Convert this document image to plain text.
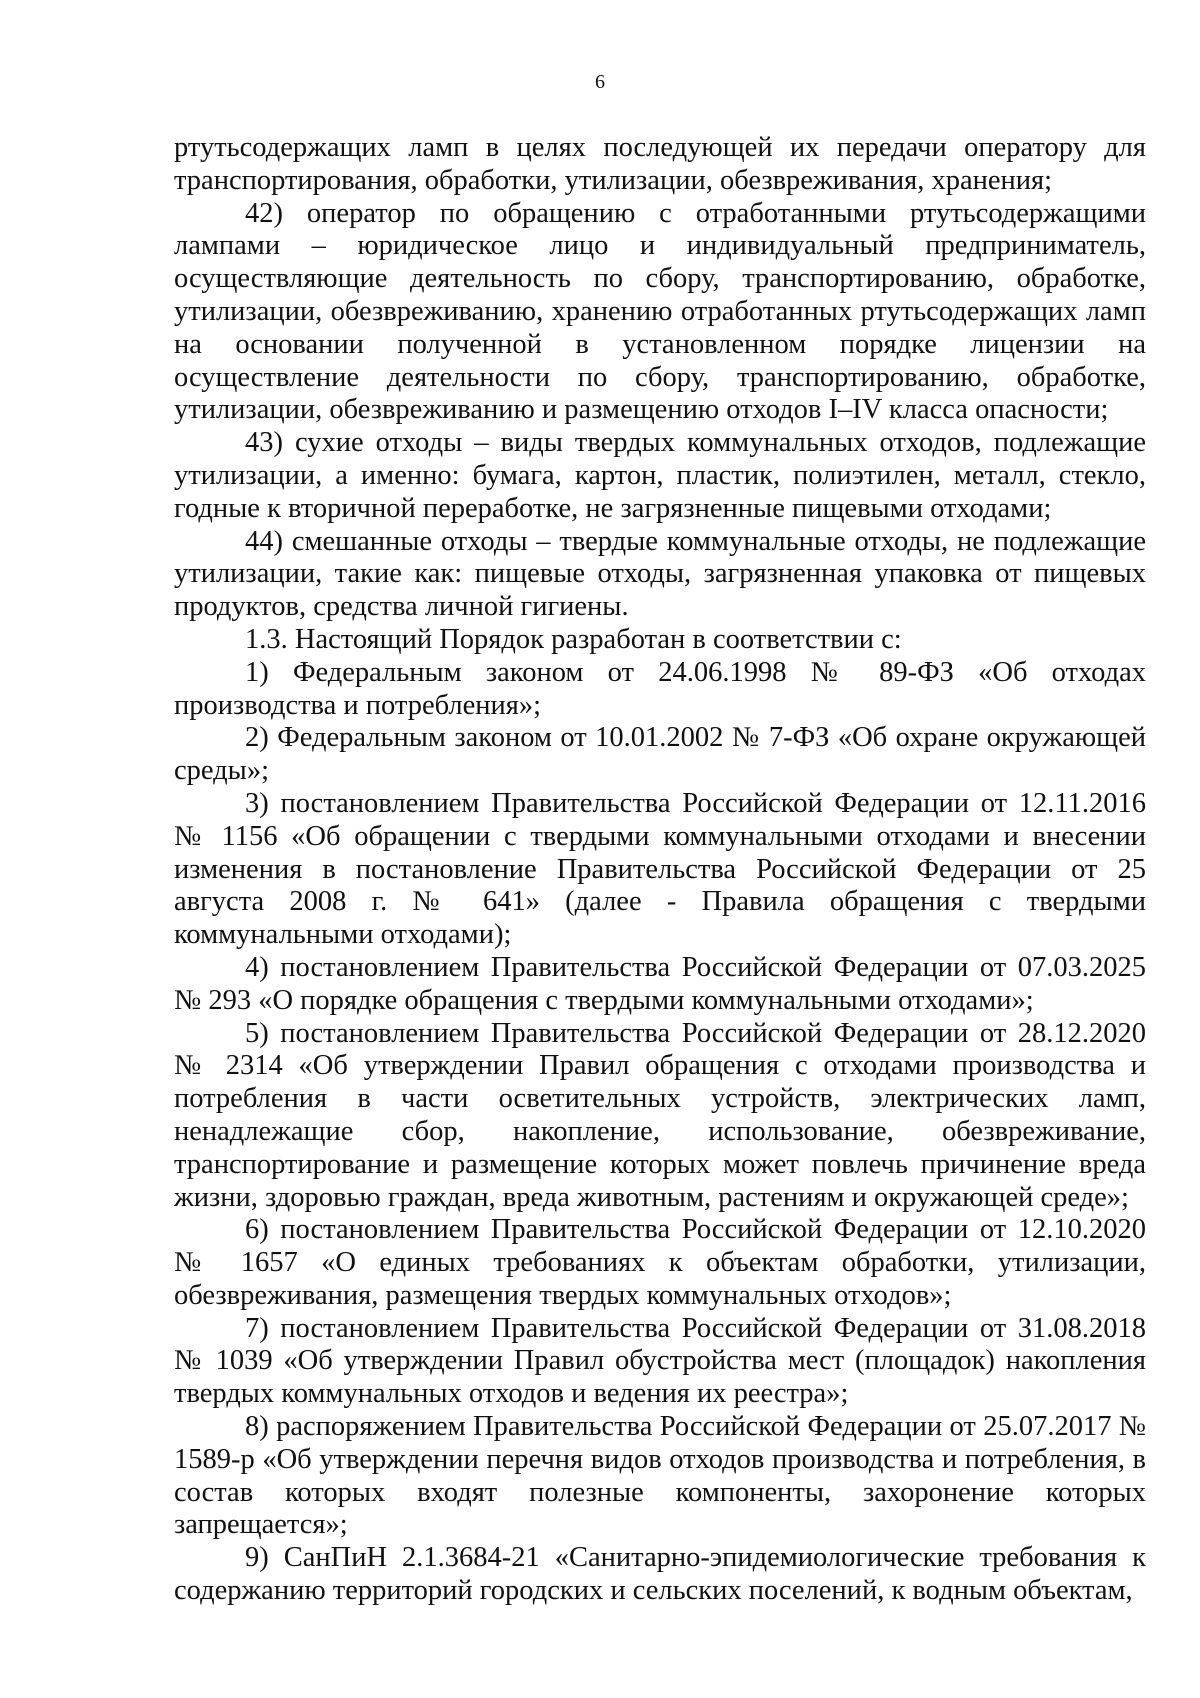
6

ртутьсодержащих ламп в целях последующей их передачи оператору для транспортирования, обработки, утилизации, обезвреживания, хранения;

42) оператор по обращению с отработанными ртутьсодержащими лампами – юридическое лицо и индивидуальный предприниматель, осуществляющие деятельность по сбору, транспортированию, обработке, утилизации, обезвреживанию, хранению отработанных ртутьсодержащих ламп на основании полученной в установленном порядке лицензии на осуществление деятельности по сбору, транспортированию, обработке, утилизации, обезвреживанию и размещению отходов I–IV класса опасности;

43) сухие отходы – виды твердых коммунальных отходов, подлежащие утилизации, а именно: бумага, картон, пластик, полиэтилен, металл, стекло, годные к вторичной переработке, не загрязненные пищевыми отходами;

44) смешанные отходы – твердые коммунальные отходы, не подлежащие утилизации, такие как: пищевые отходы, загрязненная упаковка от пищевых продуктов, средства личной гигиены.

1.3. Настоящий Порядок разработан в соответствии с:

1) Федеральным законом от 24.06.1998 № 89-ФЗ «Об отходах производства и потребления»;

2) Федеральным законом от 10.01.2002 № 7-ФЗ «Об охране окружающей среды»;

3) постановлением Правительства Российской Федерации от 12.11.2016 № 1156 «Об обращении с твердыми коммунальными отходами и внесении изменения в постановление Правительства Российской Федерации от 25 августа 2008 г. № 641» (далее - Правила обращения с твердыми коммунальными отходами);

4) постановлением Правительства Российской Федерации от 07.03.2025 № 293 «О порядке обращения с твердыми коммунальными отходами»;

5) постановлением Правительства Российской Федерации от 28.12.2020 № 2314 «Об утверждении Правил обращения с отходами производства и потребления в части осветительных устройств, электрических ламп, ненадлежащие сбор, накопление, использование, обезвреживание, транспортирование и размещение которых может повлечь причинение вреда жизни, здоровью граждан, вреда животным, растениям и окружающей среде»;

6) постановлением Правительства Российской Федерации от 12.10.2020 № 1657 «О единых требованиях к объектам обработки, утилизации, обезвреживания, размещения твердых коммунальных отходов»;

7) постановлением Правительства Российской Федерации от 31.08.2018 № 1039 «Об утверждении Правил обустройства мест (площадок) накопления твердых коммунальных отходов и ведения их реестра»;

8) распоряжением Правительства Российской Федерации от 25.07.2017 № 1589-р «Об утверждении перечня видов отходов производства и потребления, в состав которых входят полезные компоненты, захоронение которых запрещается»;

9) СанПиН 2.1.3684-21 «Санитарно-эпидемиологические требования к содержанию территорий городских и сельских поселений, к водным объектам,
